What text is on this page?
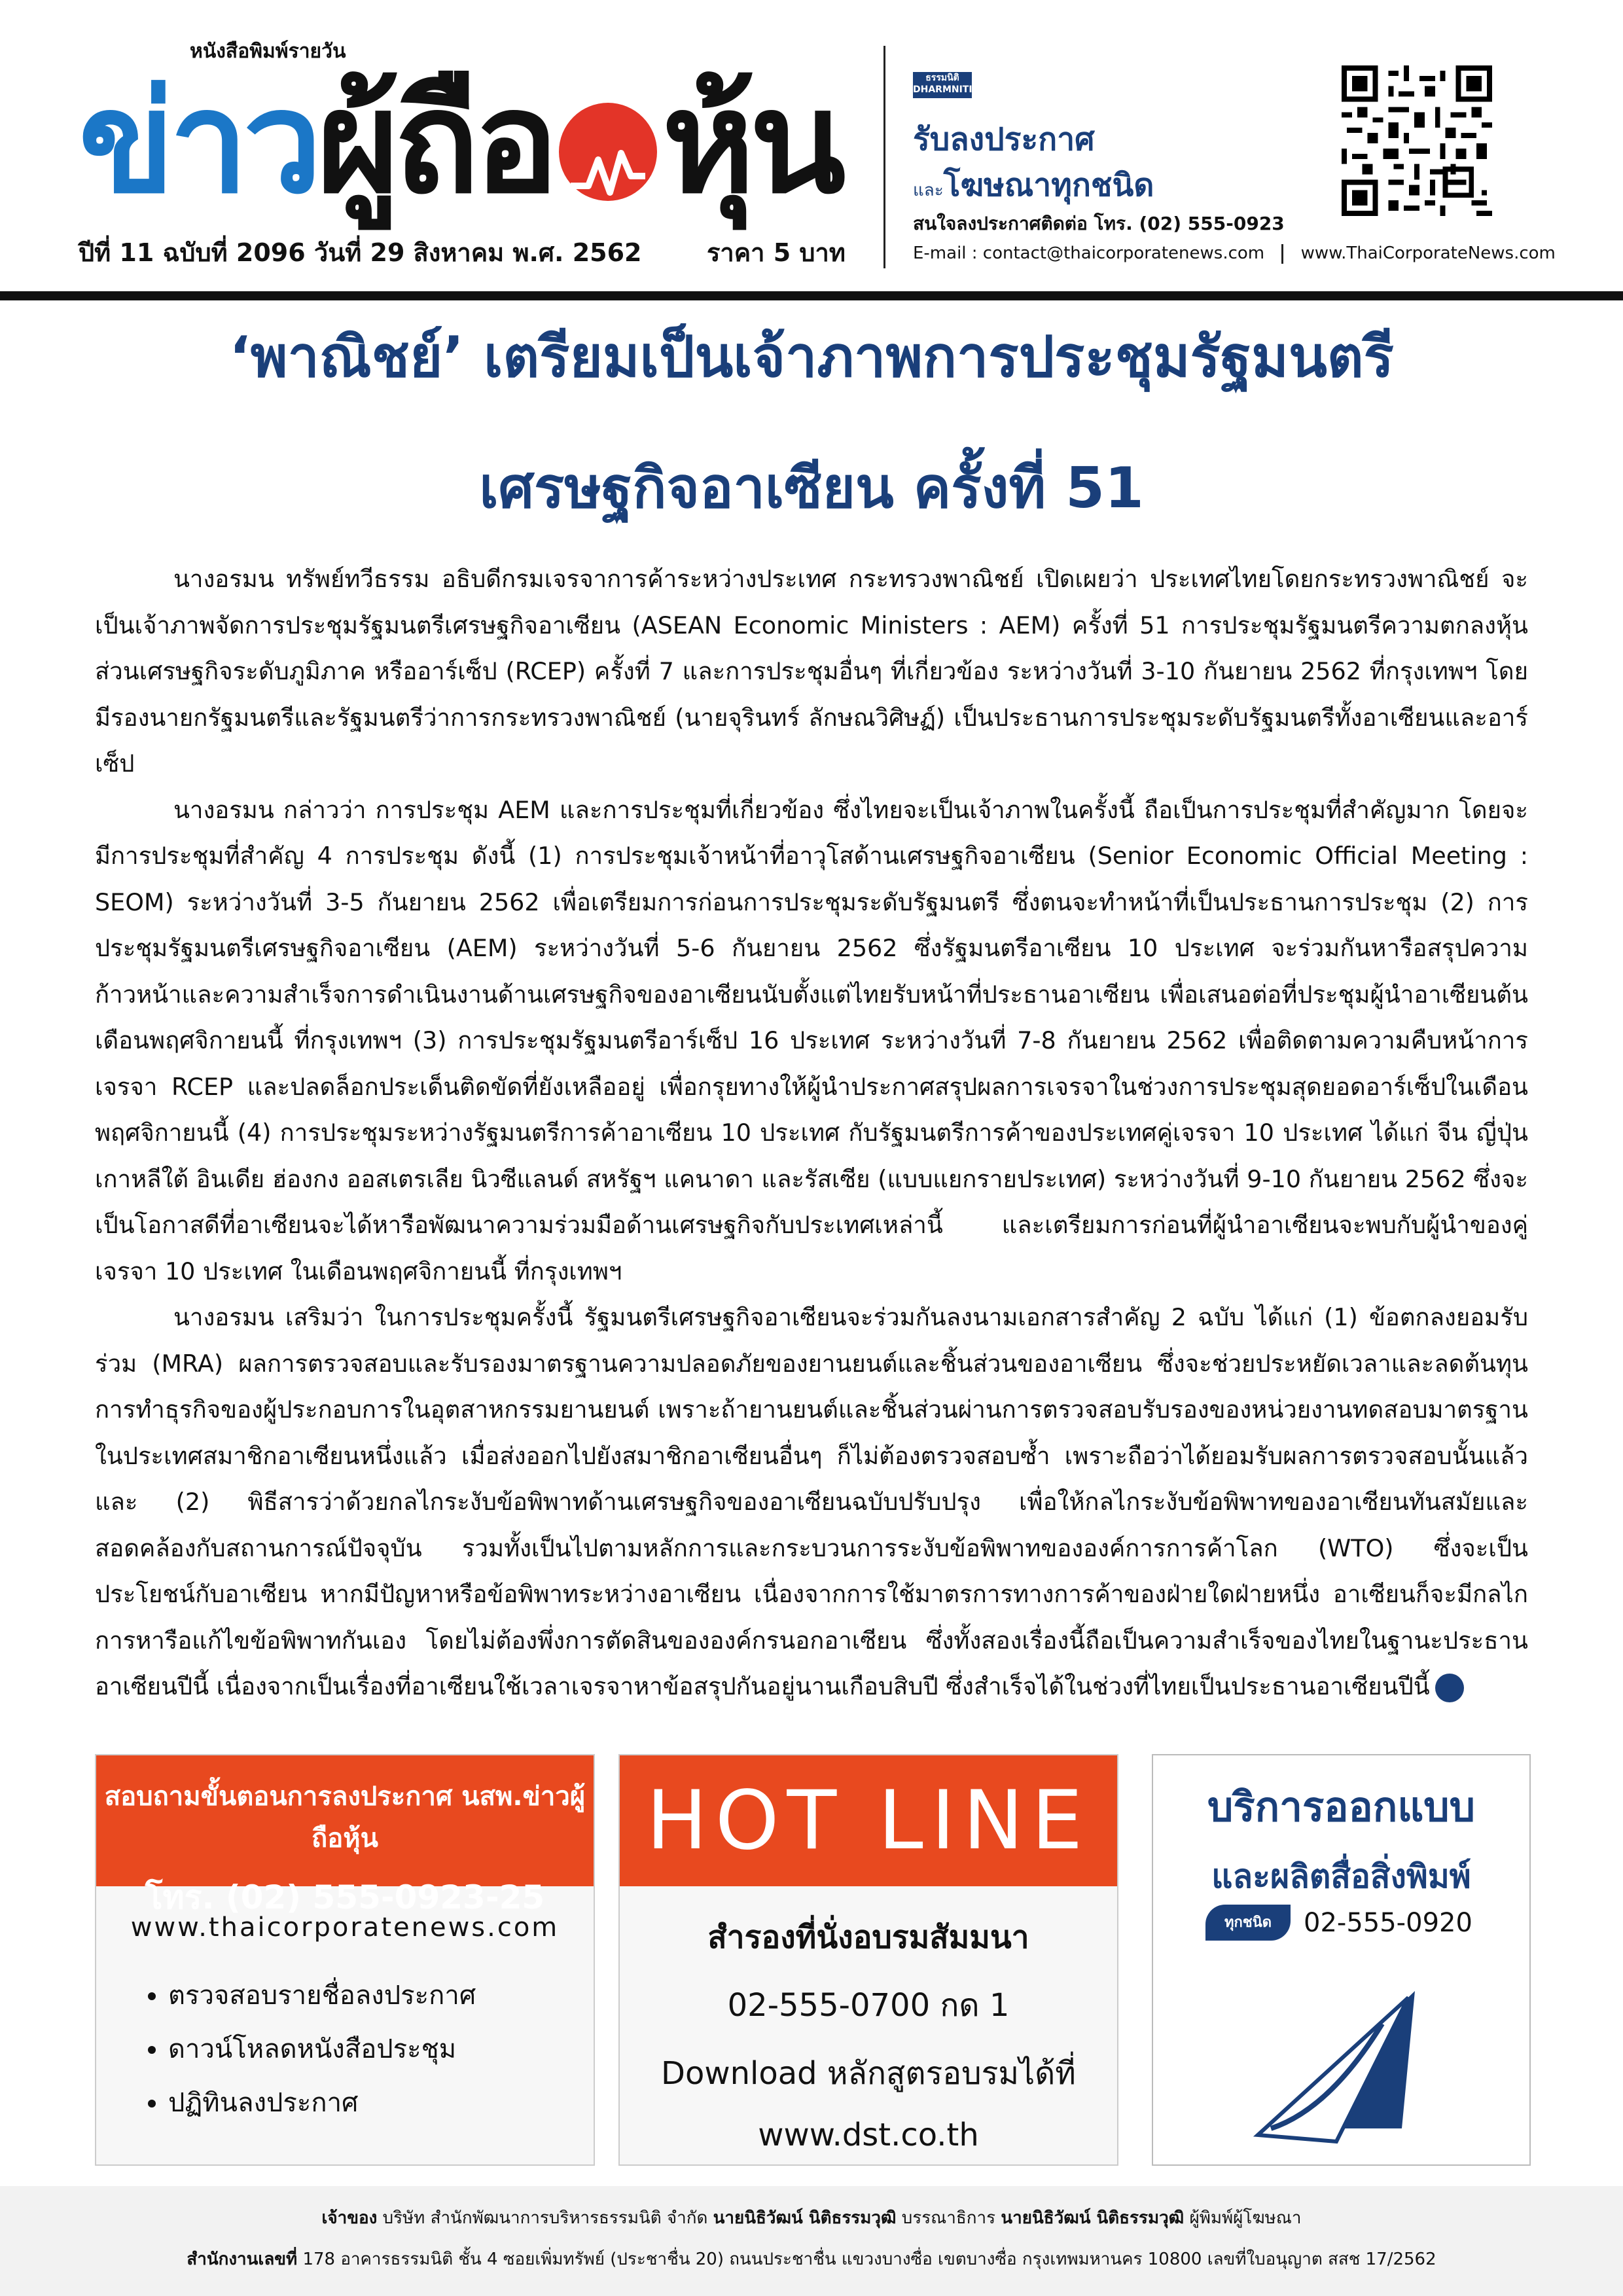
หนังสือพิมพ์รายวัน
ข่าว ผู้ถือ หุ้น
ปีที่ 11 ฉบับที่ 2096 วันที่ 29 สิงหาคม พ.ศ. 2562	ราคา 5 บาท
ธรรมนิติ DHARMNITI
รับลงประกาศ
และโฆษณาทุกชนิด
สนใจลงประกาศติดต่อ โทร. (02) 555-0923
E-mail : contact@thaicorporatenews.com www.ThaiCorporateNews.com
‘พาณิชย์’ เตรียมเป็นเจ้าภาพการประชุมรัฐมนตรี
เศรษฐกิจอาเซียน ครั้งที่ 51

นางอรมน ทรัพย์ทวีธรรม อธิบดีกรมเจรจาการค้าระหว่างประเทศ กระทรวงพาณิชย์ เปิดเผยว่า ประเทศไทยโดยกระทรวงพาณิชย์ จะเป็นเจ้าภาพจัดการประชุมรัฐมนตรีเศรษฐกิจอาเซียน (ASEAN Economic Ministers : AEM) ครั้งที่ 51 การประชุมรัฐมนตรีความตกลงหุ้นส่วนเศรษฐกิจระดับภูมิภาค หรืออาร์เซ็ป (RCEP) ครั้งที่ 7 และการประชุมอื่นๆ ที่เกี่ยวข้อง ระหว่างวันที่ 3-10 กันยายน 2562 ที่กรุงเทพฯ โดยมีรองนายกรัฐมนตรีและรัฐมนตรีว่าการกระทรวงพาณิชย์ (นายจุรินทร์ ลักษณวิศิษฏ์) เป็นประธานการประชุมระดับรัฐมนตรีทั้งอาเซียนและอาร์เซ็ป

นางอรมน กล่าวว่า การประชุม AEM และการประชุมที่เกี่ยวข้อง ซึ่งไทยจะเป็นเจ้าภาพในครั้งนี้ ถือเป็นการประชุมที่สำคัญมาก โดยจะมีการประชุมที่สำคัญ 4 การประชุม ดังนี้ (1) การประชุมเจ้าหน้าที่อาวุโสด้านเศรษฐกิจอาเซียน (Senior Economic Official Meeting : SEOM) ระหว่างวันที่ 3-5 กันยายน 2562 เพื่อเตรียมการก่อนการประชุมระดับรัฐมนตรี ซึ่งตนจะทำหน้าที่เป็นประธานการประชุม (2) การประชุมรัฐมนตรีเศรษฐกิจอาเซียน (AEM) ระหว่างวันที่ 5-6 กันยายน 2562 ซึ่งรัฐมนตรีอาเซียน 10 ประเทศ จะร่วมกันหารือสรุปความก้าวหน้าและความสำเร็จการดำเนินงานด้านเศรษฐกิจของอาเซียนนับตั้งแต่ไทยรับหน้าที่ประธานอาเซียน เพื่อเสนอต่อที่ประชุมผู้นำอาเซียนต้นเดือนพฤศจิกายนนี้ ที่กรุงเทพฯ (3) การประชุมรัฐมนตรีอาร์เซ็ป 16 ประเทศ ระหว่างวันที่ 7-8 กันยายน 2562 เพื่อติดตามความคืบหน้าการเจรจา RCEP และปลดล็อกประเด็นติดขัดที่ยังเหลืออยู่ เพื่อกรุยทางให้ผู้นำประกาศสรุปผลการเจรจาในช่วงการประชุมสุดยอดอาร์เซ็ปในเดือนพฤศจิกายนนี้ (4) การประชุมระหว่างรัฐมนตรีการค้าอาเซียน 10 ประเทศ กับรัฐมนตรีการค้าของประเทศคู่เจรจา 10 ประเทศ ได้แก่ จีน ญี่ปุ่น เกาหลีใต้ อินเดีย ฮ่องกง ออสเตรเลีย นิวซีแลนด์ สหรัฐฯ แคนาดา และรัสเซีย (แบบแยกรายประเทศ) ระหว่างวันที่ 9-10 กันยายน 2562 ซึ่งจะเป็นโอกาสดีที่อาเซียนจะได้หารือพัฒนาความร่วมมือด้านเศรษฐกิจกับประเทศเหล่านี้ และเตรียมการก่อนที่ผู้นำอาเซียนจะพบกับผู้นำของคู่เจรจา 10 ประเทศ ในเดือนพฤศจิกายนนี้ ที่กรุงเทพฯ

นางอรมน เสริมว่า ในการประชุมครั้งนี้ รัฐมนตรีเศรษฐกิจอาเซียนจะร่วมกันลงนามเอกสารสำคัญ 2 ฉบับ ได้แก่ (1) ข้อตกลงยอมรับร่วม (MRA) ผลการตรวจสอบและรับรองมาตรฐานความปลอดภัยของยานยนต์และชิ้นส่วนของอาเซียน ซึ่งจะช่วยประหยัดเวลาและลดต้นทุนการทำธุรกิจของผู้ประกอบการในอุตสาหกรรมยานยนต์ เพราะถ้ายานยนต์และชิ้นส่วนผ่านการตรวจสอบรับรองของหน่วยงานทดสอบมาตรฐานในประเทศสมาชิกอาเซียนหนึ่งแล้ว เมื่อส่งออกไปยังสมาชิกอาเซียนอื่นๆ ก็ไม่ต้องตรวจสอบซ้ำ เพราะถือว่าได้ยอมรับผลการตรวจสอบนั้นแล้ว และ (2) พิธีสารว่าด้วยกลไกระงับข้อพิพาทด้านเศรษฐกิจของอาเซียนฉบับปรับปรุง เพื่อให้กลไกระงับข้อพิพาทของอาเซียนทันสมัยและสอดคล้องกับสถานการณ์ปัจจุบัน รวมทั้งเป็นไปตามหลักการและกระบวนการระงับข้อพิพาทขององค์การการค้าโลก (WTO) ซึ่งจะเป็นประโยชน์กับอาเซียน หากมีปัญหาหรือข้อพิพาทระหว่างอาเซียน เนื่องจากการใช้มาตรการทางการค้าของฝ่ายใดฝ่ายหนึ่ง อาเซียนก็จะมีกลไกการหารือแก้ไขข้อพิพาทกันเอง โดยไม่ต้องพึ่งการตัดสินขององค์กรนอกอาเซียน ซึ่งทั้งสองเรื่องนี้ถือเป็นความสำเร็จของไทยในฐานะประธานอาเซียนปีนี้ เนื่องจากเป็นเรื่องที่อาเซียนใช้เวลาเจรจาหาข้อสรุปกันอยู่นานเกือบสิบปี ซึ่งสำเร็จได้ในช่วงที่ไทยเป็นประธานอาเซียนปีนี้

สอบถามขั้นตอนการลงประกาศ นสพ.ข่าวผู้ถือหุ้น
โทร. (02) 555-0923-25
www.thaicorporatenews.com
• ตรวจสอบรายชื่อลงประกาศ
• ดาวน์โหลดหนังสือประชุม
• ปฏิทินลงประกาศ
HOT LINE
สำรองที่นั่งอบรมสัมมนา
02-555-0700 กด 1
Download หลักสูตรอบรมได้ที่
www.dst.co.th
บริการออกแบบ
และผลิตสื่อสิ่งพิมพ์
ทุกชนิด	02-555-0920
เจ้าของ บริษัท สำนักพัฒนาการบริหารธรรมนิติ จำกัด นายนิธิวัฒน์ นิติธรรมวุฒิ บรรณาธิการ นายนิธิวัฒน์ นิติธรรมวุฒิ ผู้พิมพ์ผู้โฆษณา
สำนักงานเลขที่ 178 อาคารธรรมนิติ ชั้น 4 ซอยเพิ่มทรัพย์ (ประชาชื่น 20) ถนนประชาชื่น แขวงบางซื่อ เขตบางซื่อ กรุงเทพมหานคร 10800 เลขที่ใบอนุญาต สสช 17/2562
